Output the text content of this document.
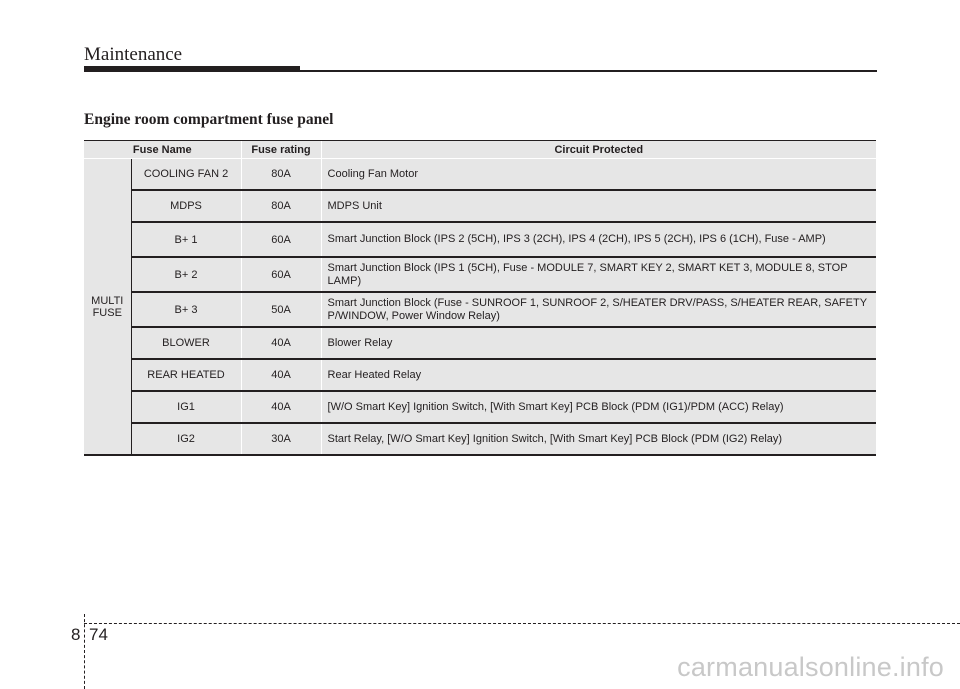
Maintenance
Engine room compartment fuse panel
Fuse Name		Fuse rating	Circuit Protected
MULTI FUSE	COOLING FAN 2	80A	Cooling Fan Motor
	MDPS	80A	MDPS Unit
	B+ 1	60A	Smart Junction Block (IPS 2 (5CH), IPS 3 (2CH), IPS 4 (2CH), IPS 5 (2CH), IPS 6 (1CH), Fuse - AMP)
	B+ 2	60A	Smart Junction Block (IPS 1 (5CH), Fuse - MODULE 7, SMART KEY 2, SMART KET 3, MODULE 8, STOP LAMP)
	B+ 3	50A	Smart Junction Block (Fuse - SUNROOF 1, SUNROOF 2, S/HEATER DRV/PASS, S/HEATER REAR, SAFETY P/WINDOW, Power Window Relay)
	BLOWER	40A	Blower Relay
	REAR HEATED	40A	Rear Heated Relay
	IG1	40A	[W/O Smart Key] Ignition Switch, [With Smart Key] PCB Block (PDM (IG1)/PDM (ACC) Relay)
	IG2	30A	Start Relay, [W/O Smart Key] Ignition Switch, [With Smart Key] PCB Block (PDM (IG2) Relay)
8 74
carmanualsonline.info
